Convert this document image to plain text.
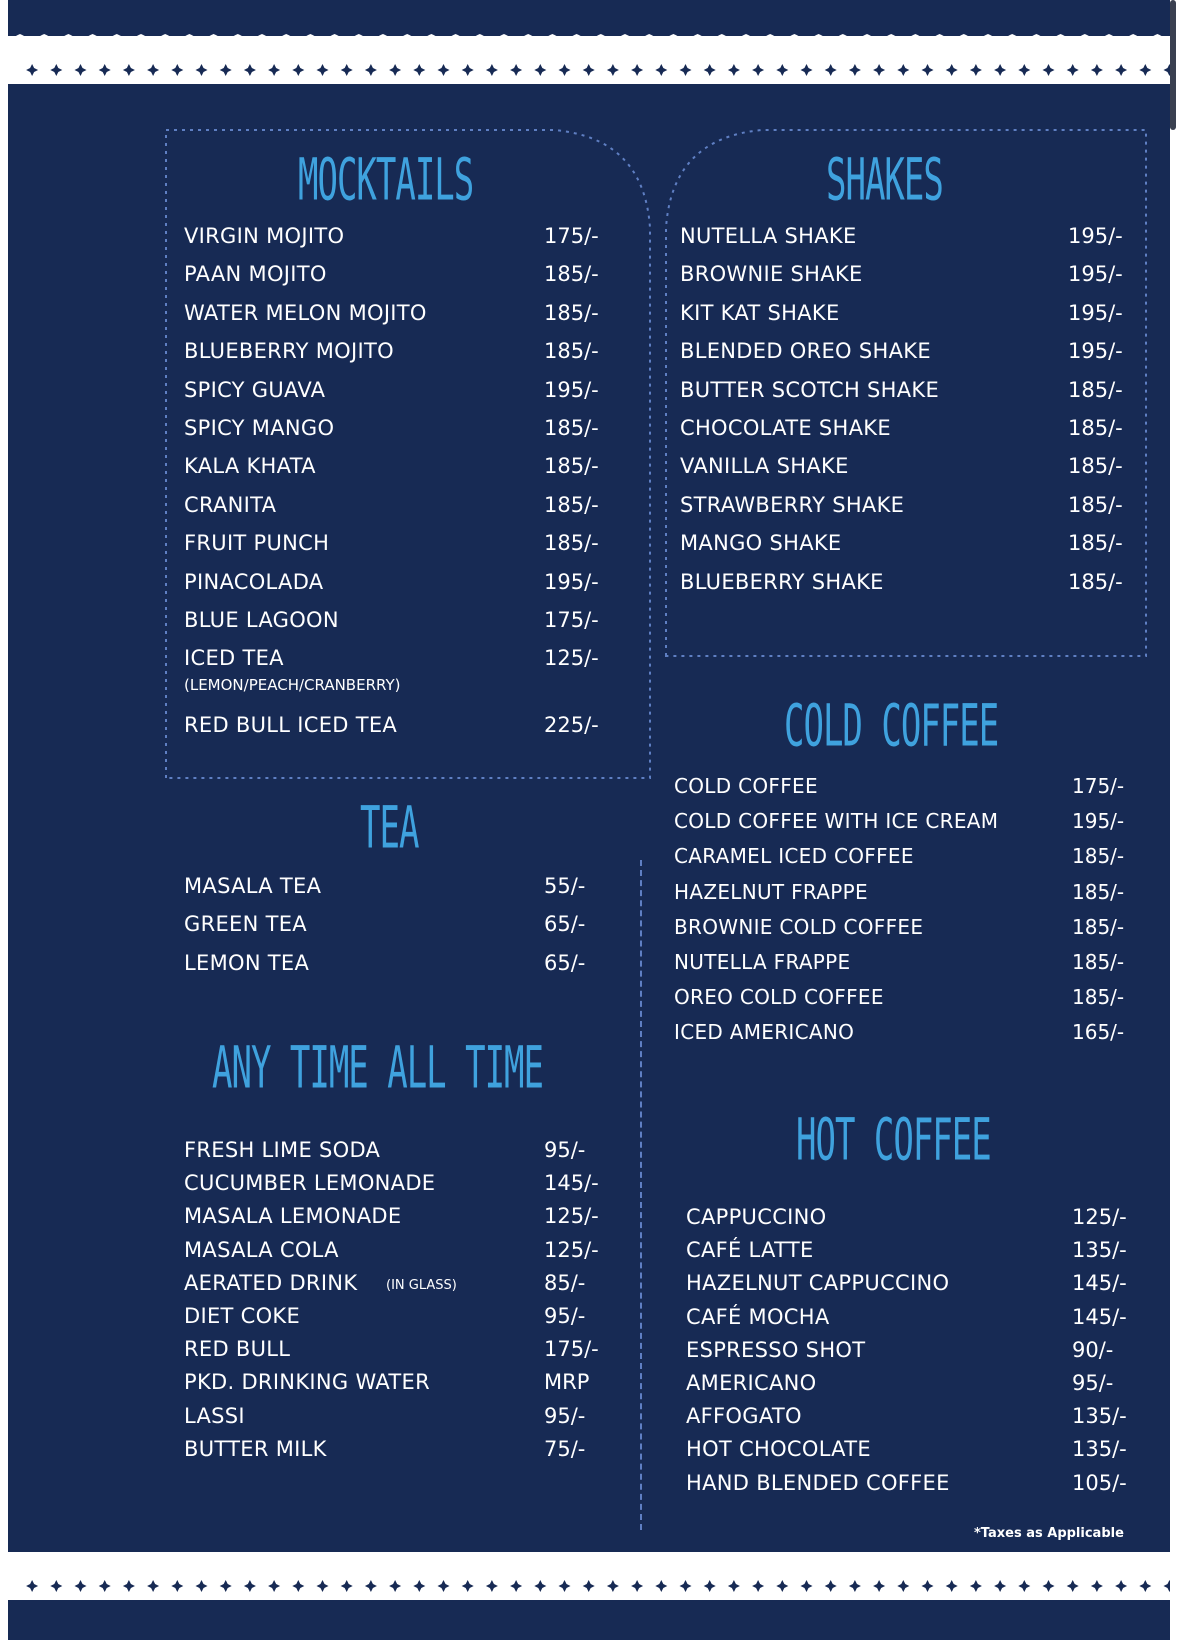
MOCKTAILS
VIRGIN MOJITO	175/-
PAAN MOJITO	185/-
WATER MELON MOJITO	185/-
BLUEBERRY MOJITO	185/-
SPICY GUAVA	195/-
SPICY MANGO	185/-
KALA KHATA	185/-
CRANITA	185/-
FRUIT PUNCH	185/-
PINACOLADA	195/-
BLUE LAGOON	175/-
ICED TEA	125/-
(LEMON/PEACH/CRANBERRY)
RED BULL ICED TEA	225/-
SHAKES
NUTELLA SHAKE	195/-
BROWNIE SHAKE	195/-
KIT KAT SHAKE	195/-
BLENDED OREO SHAKE	195/-
BUTTER SCOTCH SHAKE	185/-
CHOCOLATE SHAKE	185/-
VANILLA SHAKE	185/-
STRAWBERRY SHAKE	185/-
MANGO SHAKE	185/-
BLUEBERRY SHAKE	185/-
COLD COFFEE
COLD COFFEE	175/-
COLD COFFEE WITH ICE CREAM	195/-
CARAMEL ICED COFFEE	185/-
HAZELNUT FRAPPE	185/-
BROWNIE COLD COFFEE	185/-
NUTELLA FRAPPE	185/-
OREO COLD COFFEE	185/-
ICED AMERICANO	165/-
TEA
MASALA TEA	55/-
GREEN TEA	65/-
LEMON TEA	65/-
ANY TIME ALL TIME
FRESH LIME SODA	95/-
CUCUMBER LEMONADE	145/-
MASALA LEMONADE	125/-
MASALA COLA	125/-
AERATED DRINK (IN GLASS)	85/-
DIET COKE	95/-
RED BULL	175/-
PKD. DRINKING WATER	MRP
LASSI	95/-
BUTTER MILK	75/-
HOT COFFEE
CAPPUCCINO	125/-
CAFÉ LATTE	135/-
HAZELNUT CAPPUCCINO	145/-
CAFÉ MOCHA	145/-
ESPRESSO SHOT	90/-
AMERICANO	95/-
AFFOGATO	135/-
HOT CHOCOLATE	135/-
HAND BLENDED COFFEE	105/-
*Taxes as Applicable
